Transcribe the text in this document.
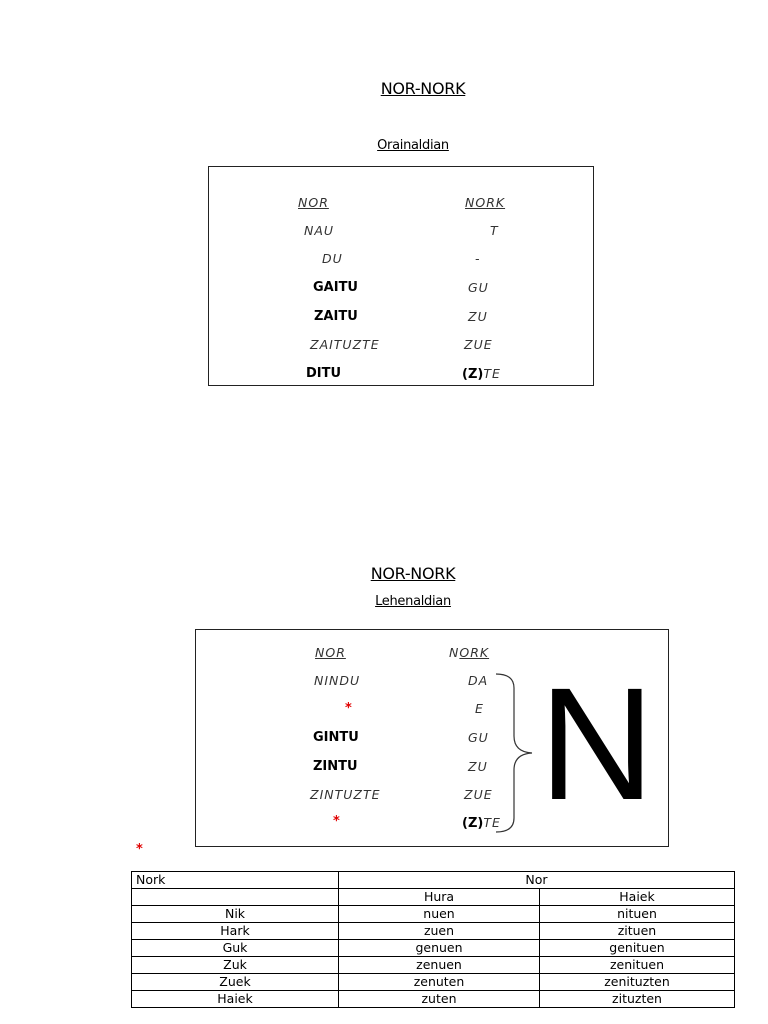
NOR-NORK
Orainaldian
NOR	NORK
NAU	T
DU	-
GAITU	GU
ZAITU	ZU
ZAITUZTE	ZUE
DITU	(Z)TE
NOR-NORK
Lehenaldian
NOR	NORK
NINDU	DA
*	E
GINTU	GU
ZINTU	ZU
ZINTUZTE	ZUE
*	(Z)TE N
*
Nork	Nor	
	Hura	Haiek
Nik	nuen	nituen
Hark	zuen	zituen
Guk	genuen	genituen
Zuk	zenuen	zenituen
Zuek	zenuten	zenituzten
Haiek	zuten	zituzten
